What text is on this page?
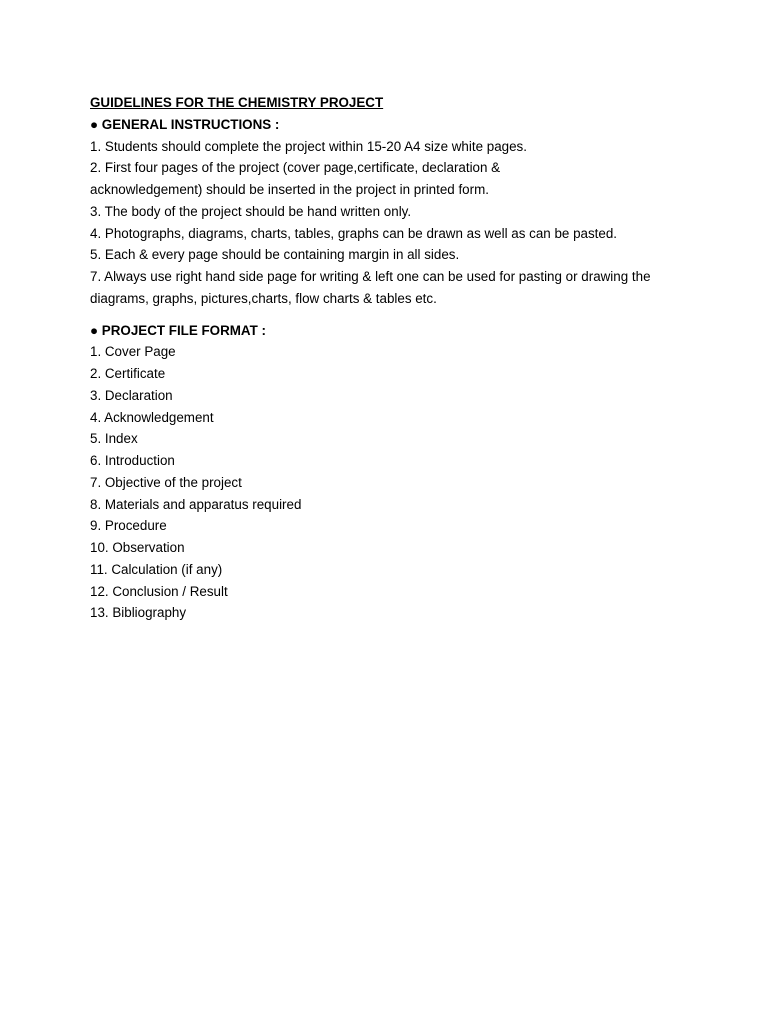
GUIDELINES FOR THE CHEMISTRY PROJECT
● GENERAL INSTRUCTIONS :
1. Students should complete the project within 15-20 A4 size white pages.
2. First four pages of the project (cover page,certificate, declaration &
acknowledgement) should be inserted in the project in printed form.
3. The body of the project should be hand written only.
4. Photographs, diagrams, charts, tables, graphs can be drawn as well as can be pasted.
5. Each & every page should be containing margin in all sides.
7. Always use right hand side page for writing & left one can be used for pasting or drawing the
diagrams, graphs, pictures,charts, flow charts & tables etc.
● PROJECT FILE FORMAT :
1. Cover Page
2. Certificate
3. Declaration
4. Acknowledgement
5. Index
6. Introduction
7. Objective of the project
8. Materials and apparatus required
9. Procedure
10. Observation
11. Calculation (if any)
12. Conclusion / Result
13. Bibliography
